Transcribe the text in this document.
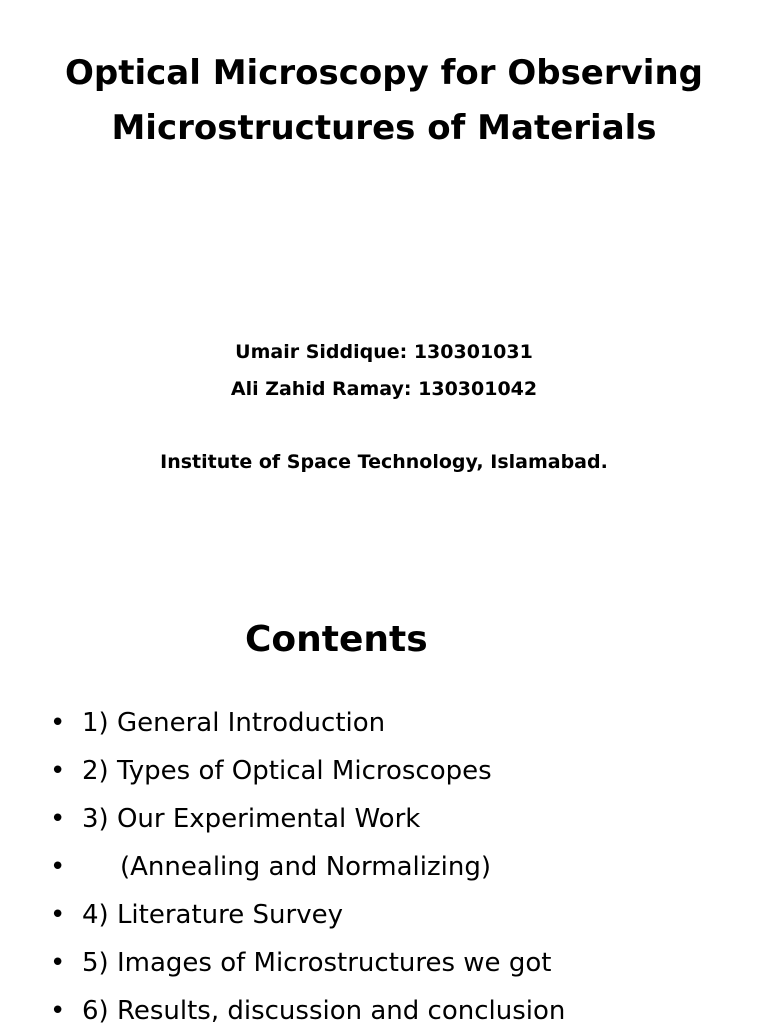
Optical Microscopy for Observing
Microstructures of Materials
Umair Siddique: 130301031
Ali Zahid Ramay: 130301042
Institute of Space Technology, Islamabad.
Contents
• 1) General Introduction
• 2) Types of Optical Microscopes
• 3) Our Experimental Work
• (Annealing and Normalizing)
• 4) Literature Survey
• 5) Images of Microstructures we got
• 6) Results, discussion and conclusion
